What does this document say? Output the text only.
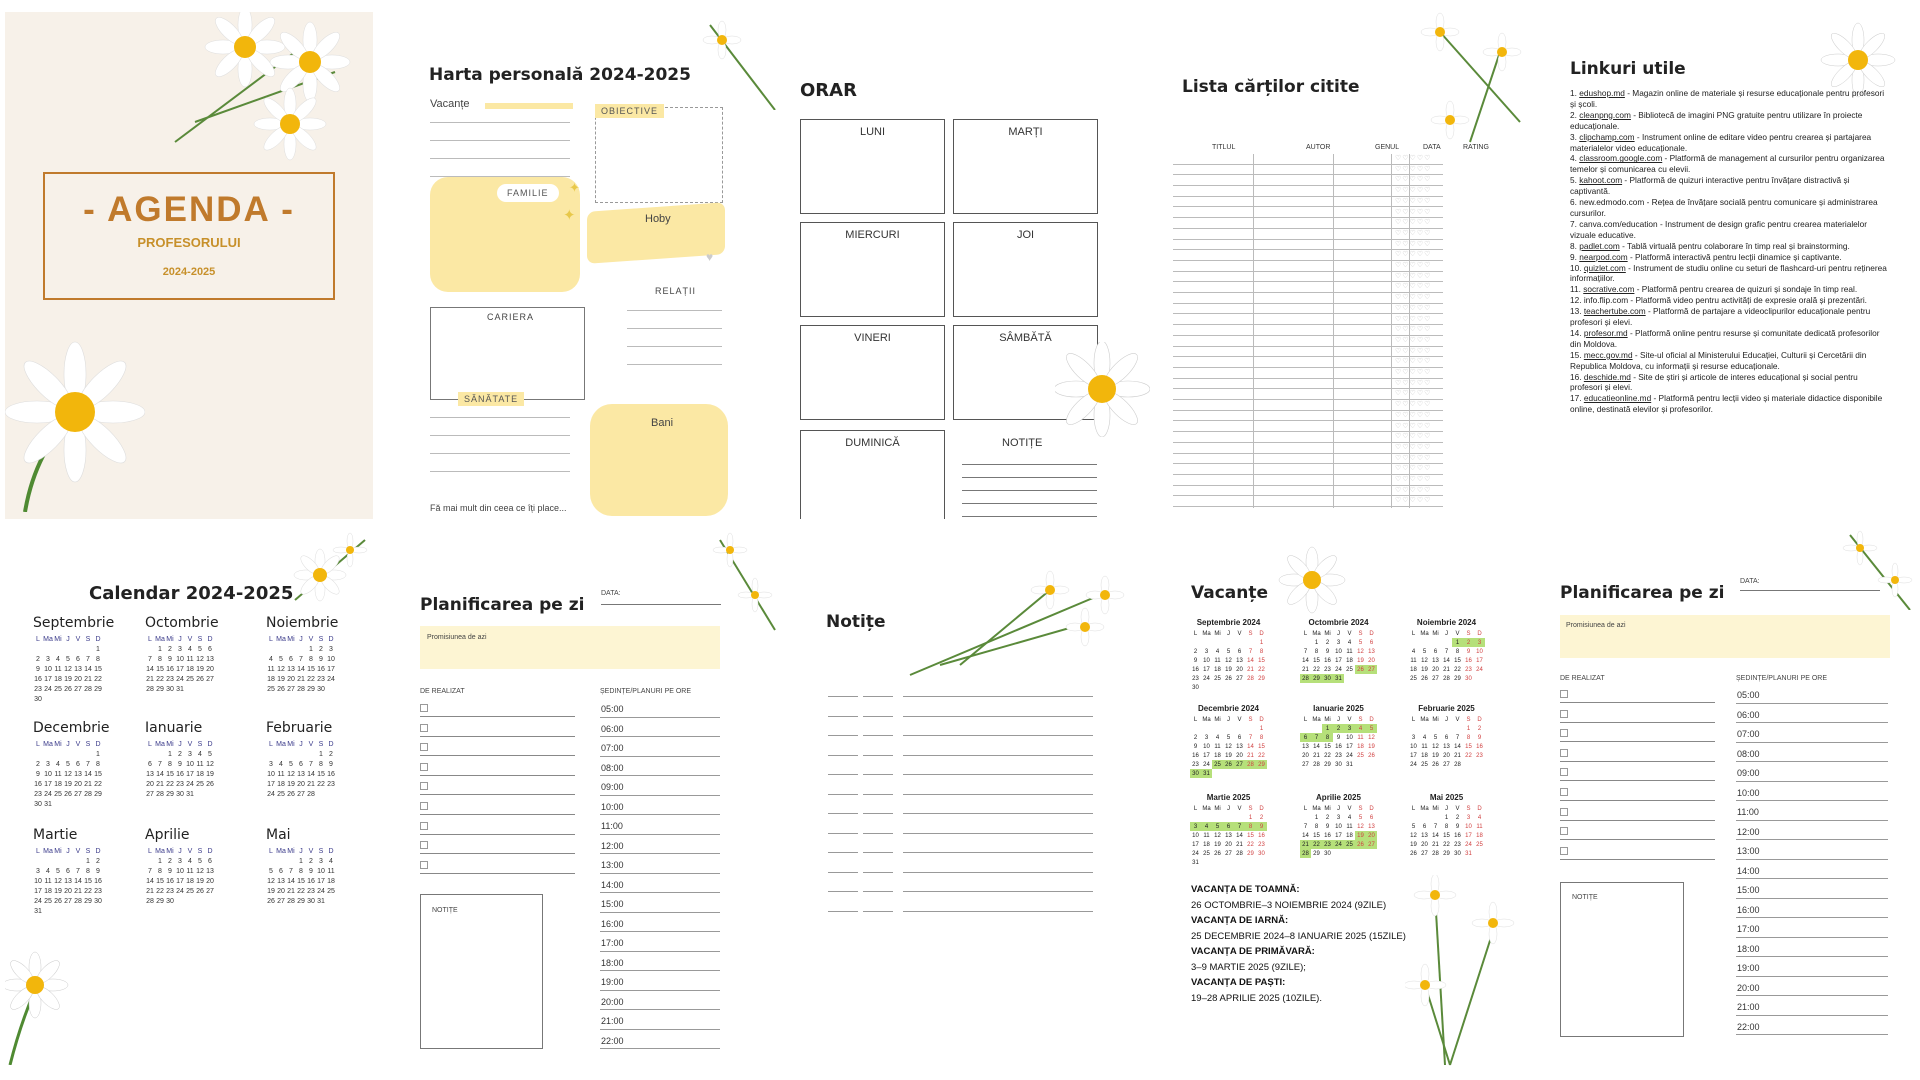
- AGENDA -
PROFESORULUI
2024-2025
Harta personală 2024-2025
Vacanțe
OBIECTIVE
FAMILIE	✦
✦	Hoby
♥
RELAȚII
CARIERA
SĂNĂTATE
Bani
Fă mai mult din ceea ce îți place...
ORAR
LUNI	MARȚI
MIERCURI	JOI
VINERI	SÂMBĂTĂ
DUMINICĂ	NOTIȚE
Lista cărților citite
TITLUL	AUTOR	GENUL	DATA	RATING
♡♡♡♡♡
♡♡♡♡♡
♡♡♡♡♡
♡♡♡♡♡
♡♡♡♡♡
♡♡♡♡♡
♡♡♡♡♡
♡♡♡♡♡
♡♡♡♡♡
♡♡♡♡♡
♡♡♡♡♡
♡♡♡♡♡
♡♡♡♡♡
♡♡♡♡♡
♡♡♡♡♡
♡♡♡♡♡
♡♡♡♡♡
♡♡♡♡♡
♡♡♡♡♡
♡♡♡♡♡
♡♡♡♡♡
♡♡♡♡♡
♡♡♡♡♡
♡♡♡♡♡
♡♡♡♡♡
♡♡♡♡♡
♡♡♡♡♡
♡♡♡♡♡
♡♡♡♡♡
♡♡♡♡♡
♡♡♡♡♡
♡♡♡♡♡
♡♡♡♡♡
Linkuri utile
1. edushop.md - Magazin online de materiale și resurse educaționale pentru profesori și școli.
2. cleanpng.com - Bibliotecă de imagini PNG gratuite pentru utilizare în proiecte educaționale.
3. clipchamp.com - Instrument online de editare video pentru crearea și partajarea materialelor video educaționale.
4. classroom.google.com - Platformă de management al cursurilor pentru organizarea temelor și comunicarea cu elevii.
5. kahoot.com - Platformă de quizuri interactive pentru învățare distractivă și captivantă.
6. new.edmodo.com - Rețea de învățare socială pentru comunicare și administrarea cursurilor.
7. canva.com/education - Instrument de design grafic pentru crearea materialelor vizuale educative.
8. padlet.com - Tablă virtuală pentru colaborare în timp real și brainstorming.
9. nearpod.com - Platformă interactivă pentru lecții dinamice și captivante.
10. quizlet.com - Instrument de studiu online cu seturi de flashcard-uri pentru reținerea informațiilor.
11. socrative.com - Platformă pentru crearea de quizuri și sondaje în timp real.
12. info.flip.com - Platformă video pentru activități de expresie orală și prezentări.
13. teachertube.com - Platformă de partajare a videoclipurilor educaționale pentru profesori și elevi.
14. profesor.md - Platformă online pentru resurse și comunitate dedicată profesorilor din Moldova.
15. mecc.gov.md - Site-ul oficial al Ministerului Educației, Culturii și Cercetării din Republica Moldova, cu informații și resurse educaționale.
16. deschide.md - Site de știri și articole de interes educațional și social pentru profesori și elevi.
17. educatieonline.md - Platformă pentru lecții video și materiale didactice disponibile online, destinată elevilor și profesorilor.
Calendar 2024-2025
Septembrie
L	Ma	Mi	J	V	S	D
						1
2	3	4	5	6	7	8
9	10	11	12	13	14	15
16	17	18	19	20	21	22
23	24	25	26	27	28	29
30						
Octombrie
L	Ma	Mi	J	V	S	D
	1	2	3	4	5	6
7	8	9	10	11	12	13
14	15	16	17	18	19	20
21	22	23	24	25	26	27
28	29	30	31			
Noiembrie
L	Ma	Mi	J	V	S	D
				1	2	3
4	5	6	7	8	9	10
11	12	13	14	15	16	17
18	19	20	21	22	23	24
25	26	27	28	29	30	
Decembrie
L	Ma	Mi	J	V	S	D
						1
2	3	4	5	6	7	8
9	10	11	12	13	14	15
16	17	18	19	20	21	22
23	24	25	26	27	28	29
30	31					
Ianuarie
L	Ma	Mi	J	V	S	D
		1	2	3	4	5
6	7	8	9	10	11	12
13	14	15	16	17	18	19
20	21	22	23	24	25	26
27	28	29	30	31		
Februarie
L	Ma	Mi	J	V	S	D
					1	2
3	4	5	6	7	8	9
10	11	12	13	14	15	16
17	18	19	20	21	22	23
24	25	26	27	28		
Martie
L	Ma	Mi	J	V	S	D
					1	2
3	4	5	6	7	8	9
10	11	12	13	14	15	16
17	18	19	20	21	22	23
24	25	26	27	28	29	30
31						
Aprilie
L	Ma	Mi	J	V	S	D
	1	2	3	4	5	6
7	8	9	10	11	12	13
14	15	16	17	18	19	20
21	22	23	24	25	26	27
28	29	30				
Mai
L	Ma	Mi	J	V	S	D
			1	2	3	4
5	6	7	8	9	10	11
12	13	14	15	16	17	18
19	20	21	22	23	24	25
26	27	28	29	30	31	
Planificarea pe zi
DATA:
Promisiunea de azi
DE REALIZAT	ȘEDINȚE/PLANURI PE ORE
05:00
06:00
07:00
08:00
09:00
10:00
11:00
12:00
13:00
14:00
15:00
16:00
17:00
18:00
19:00
20:00
21:00
22:00
NOTIȚE
Notițe
Vacanțe
VACANȚA DE TOAMNĂ:
26 OCTOMBRIE–3 NOIEMBRIE 2024 (9ZILE)
VACANȚA DE IARNĂ:
25 DECEMBRIE 2024–8 IANUARIE 2025 (15ZILE)
VACANȚA DE PRIMĂVARĂ:
3–9 MARTIE 2025 (9ZILE);
VACANȚA DE PAȘTI:
19–28 APRILIE 2025 (10ZILE).
Septembrie 2024
L	Ma	Mi	J	V	S	D
						1
2	3	4	5	6	7	8
9	10	11	12	13	14	15
16	17	18	19	20	21	22
23	24	25	26	27	28	29
30						
Octombrie 2024
L	Ma	Mi	J	V	S	D
	1	2	3	4	5	6
7	8	9	10	11	12	13
14	15	16	17	18	19	20
21	22	23	24	25	26	27
28	29	30	31			
Noiembrie 2024
L	Ma	Mi	J	V	S	D
				1	2	3
4	5	6	7	8	9	10
11	12	13	14	15	16	17
18	19	20	21	22	23	24
25	26	27	28	29	30	
Decembrie 2024
L	Ma	Mi	J	V	S	D
						1
2	3	4	5	6	7	8
9	10	11	12	13	14	15
16	17	18	19	20	21	22
23	24	25	26	27	28	29
30	31					
Ianuarie 2025
L	Ma	Mi	J	V	S	D
		1	2	3	4	5
6	7	8	9	10	11	12
13	14	15	16	17	18	19
20	21	22	23	24	25	26
27	28	29	30	31		
Februarie 2025
L	Ma	Mi	J	V	S	D
					1	2
3	4	5	6	7	8	9
10	11	12	13	14	15	16
17	18	19	20	21	22	23
24	25	26	27	28		
Martie 2025
L	Ma	Mi	J	V	S	D
					1	2
3	4	5	6	7	8	9
10	11	12	13	14	15	16
17	18	19	20	21	22	23
24	25	26	27	28	29	30
31						
Aprilie 2025
L	Ma	Mi	J	V	S	D
	1	2	3	4	5	6
7	8	9	10	11	12	13
14	15	16	17	18	19	20
21	22	23	24	25	26	27
28	29	30				
Mai 2025
L	Ma	Mi	J	V	S	D
			1	2	3	4
5	6	7	8	9	10	11
12	13	14	15	16	17	18
19	20	21	22	23	24	25
26	27	28	29	30	31	
Planificarea pe zi
DATA:
Promisiunea de azi
DE REALIZAT	ȘEDINȚE/PLANURI PE ORE
05:00
06:00
07:00
08:00
09:00
10:00
11:00
12:00
13:00
14:00
15:00
16:00
17:00
18:00
19:00
20:00
21:00
22:00
NOTIȚE
